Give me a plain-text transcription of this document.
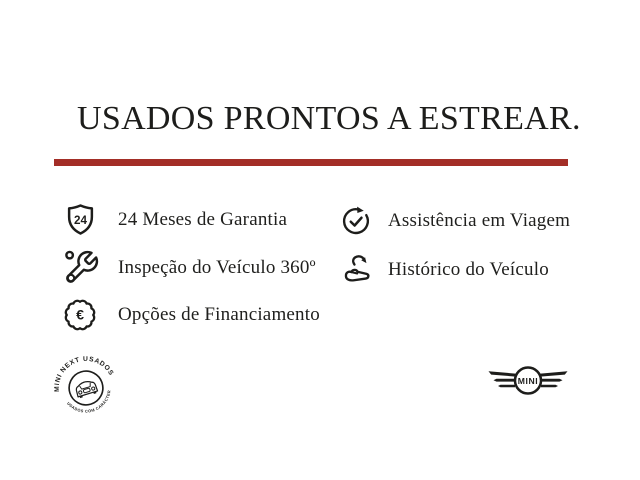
USADOS PRONTOS A ESTREAR.
24 24 Meses de Garantia
Inspeção do Veículo 360º
€ Opções de Financiamento
Assistência em Viagem
Histórico do Veículo
MINI NEXT USADOS
USADOS COM CARÁCTER
MINI
